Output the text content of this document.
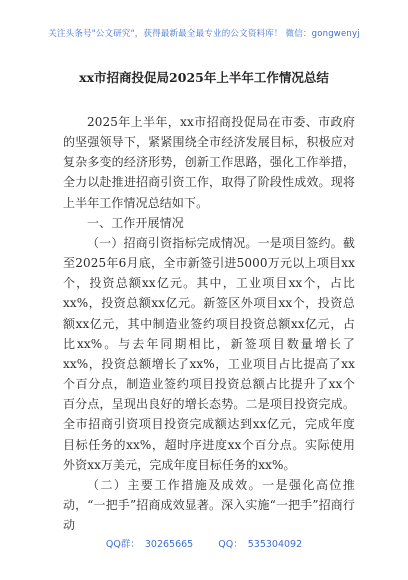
关注头条号"公文研究"，获得最新最全最专业的公文资料库！ 微信：gongwenyj
xx市招商投促局2025年上半年工作情况总结

2025年上半年，xx市招商投促局在市委、市政府的坚强领导下，紧紧围绕全市经济发展目标，积极应对复杂多变的经济形势，创新工作思路，强化工作举措，全力以赴推进招商引资工作，取得了阶段性成效。现将上半年工作情况总结如下。

一、工作开展情况

（一）招商引资指标完成情况。一是项目签约。截至2025年6月底，全市新签引进5000万元以上项目xx个，投资总额xx亿元。其中，工业项目xx个，占比xx%，投资总额xx亿元。新签区外项目xx个，投资总额xx亿元，其中制造业签约项目投资总额xx亿元，占比xx%。与去年同期相比，新签项目数量增长了xx%，投资总额增长了xx%，工业项目占比提高了xx个百分点，制造业签约项目投资总额占比提升了xx个百分点，呈现出良好的增长态势。二是项目投资完成。全市招商引资项目投资完成额达到xx亿元，完成年度目标任务的xx%，超时序进度xx个百分点。实际使用外资xx万美元，完成年度目标任务的xx%。

（二）主要工作措施及成效。一是强化高位推动，“一把手”招商成效显著。深入实施“一把手”招商行动

QQ群： 30265665	QQ： 535304092
